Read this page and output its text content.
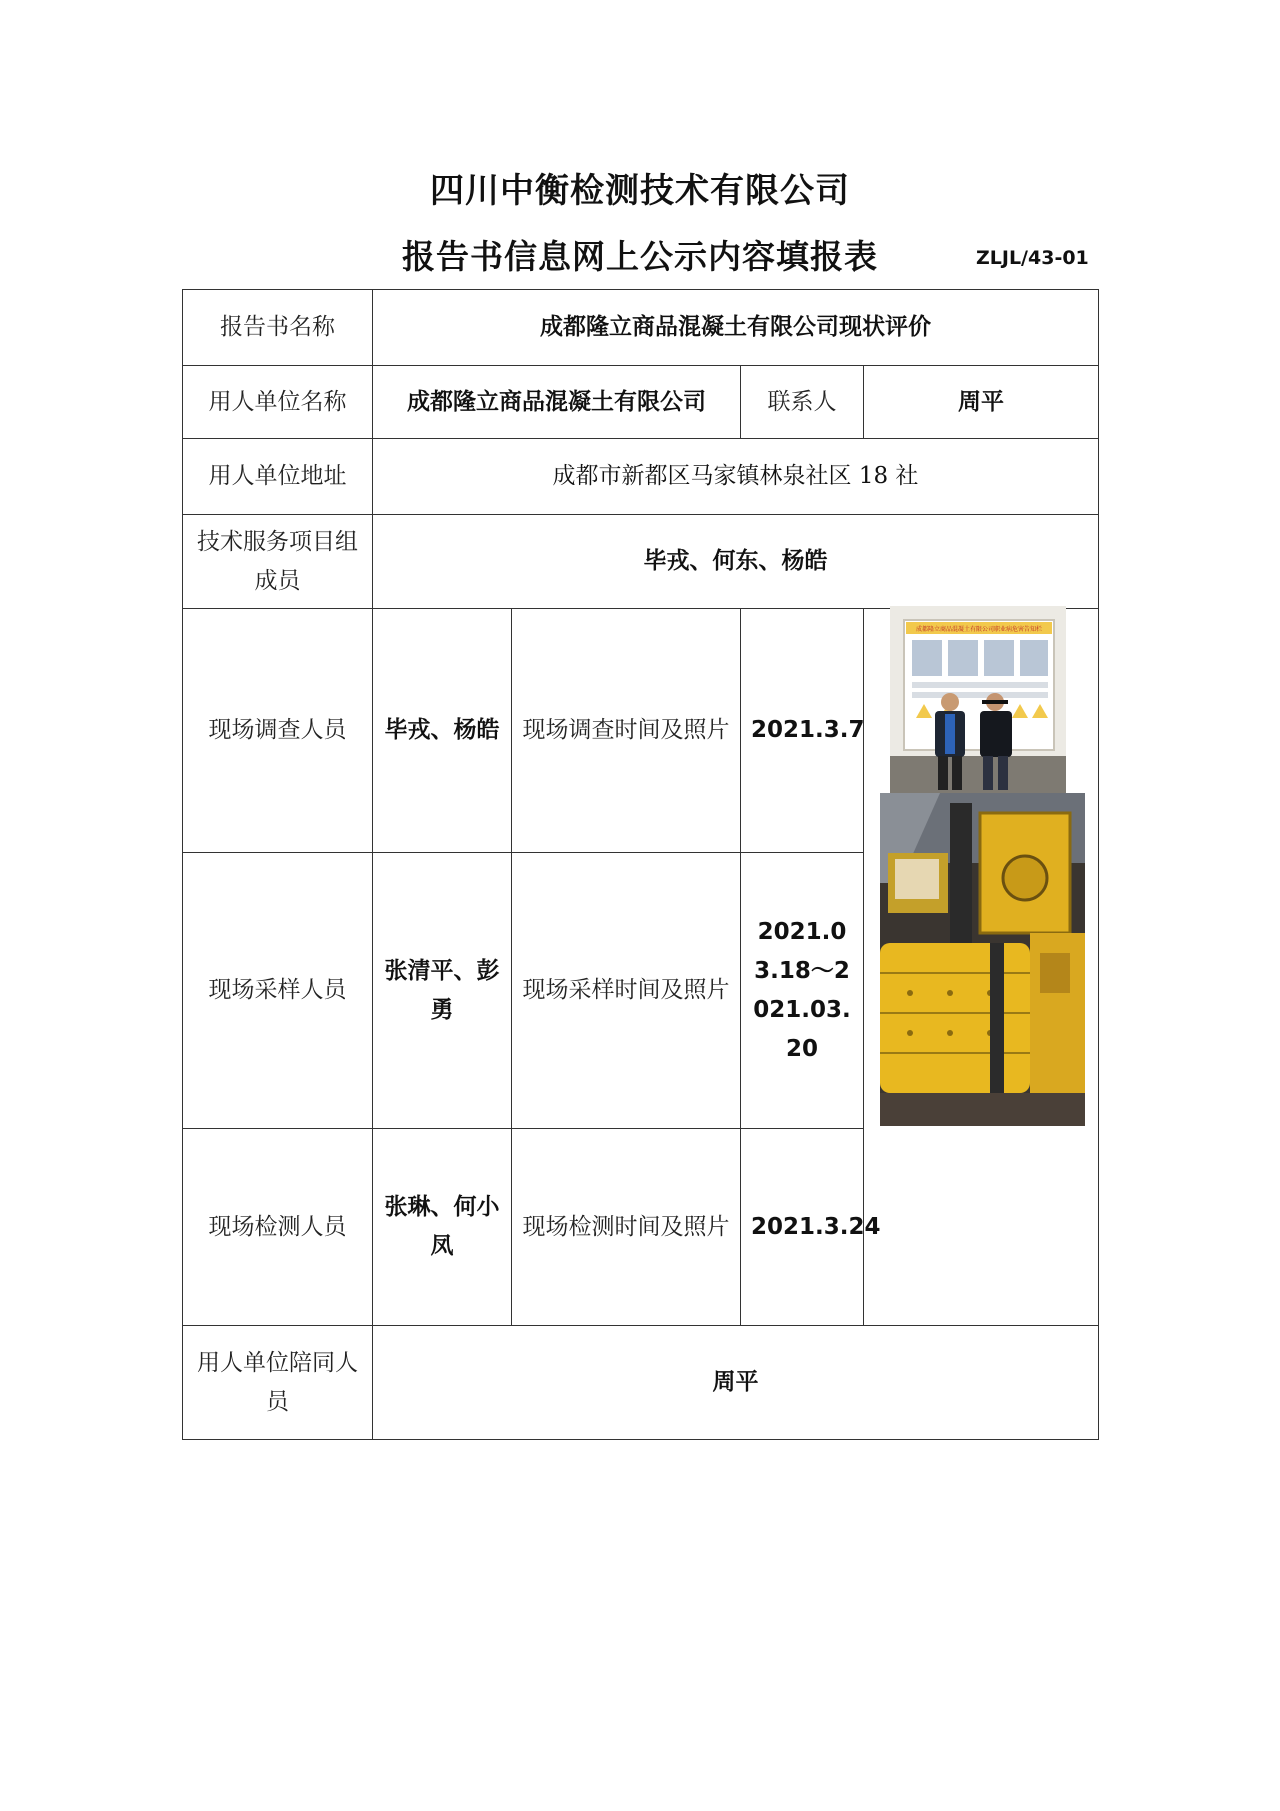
四川中衡检测技术有限公司
报告书信息网上公示内容填报表	ZLJL/43-01
报告书名称	成都隆立商品混凝土有限公司现状评价			
用人单位名称	成都隆立商品混凝土有限公司		联系人	周平
用人单位地址	成都市新都区马家镇林泉社区 18 社			
技术服务项目组成员	毕戎、何东、杨皓			
现场调查人员	毕戎、杨皓	现场调查时间及照片	2021.3.7	
现场采样人员	张清平、彭勇	现场采样时间及照片	2021.03.18～2021.03.20	
现场检测人员	张琳、何小凤	现场检测时间及照片	2021.3.24	
用人单位陪同人员	周平			
成都隆立商品混凝土有限公司职业病危害告知栏
